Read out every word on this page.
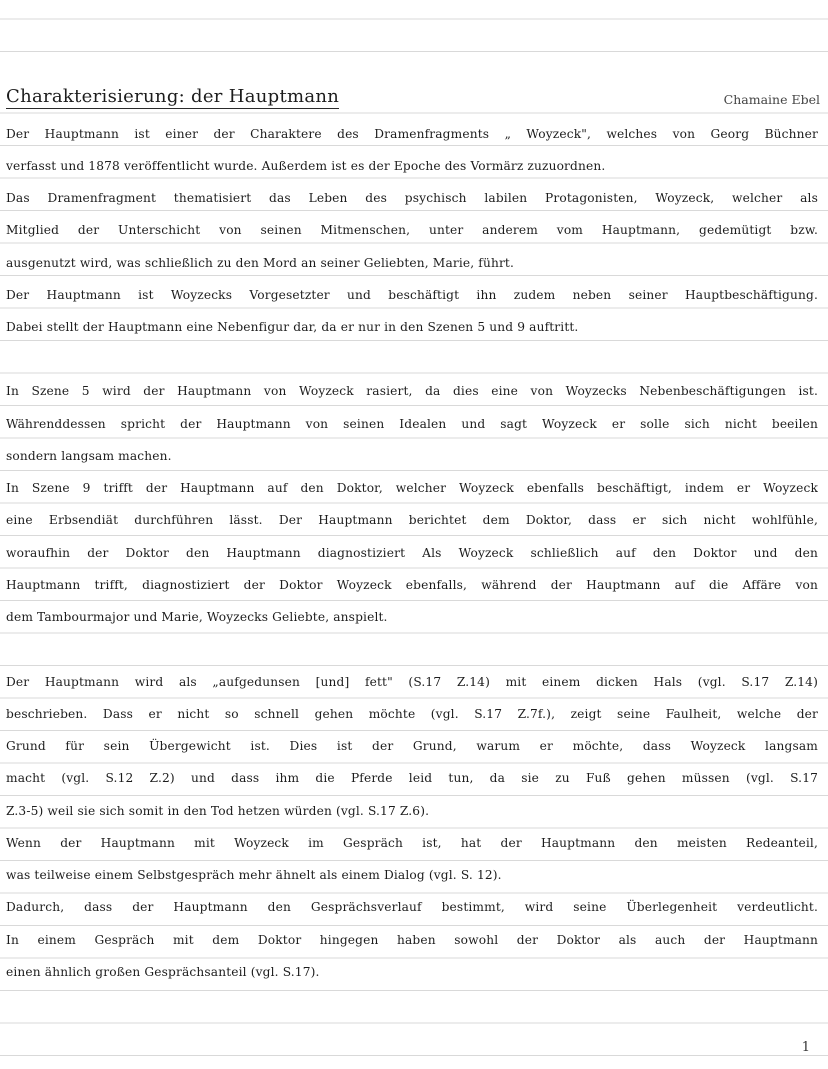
Charakterisierung: der Hauptmann	Chamaine Ebel
Der Hauptmann ist einer der Charaktere des Dramenfragments „ Woyzeck", welches von Georg Büchner
verfasst und 1878 veröffentlicht wurde. Außerdem ist es der Epoche des Vormärz zuzuordnen.
Das Dramenfragment thematisiert das Leben des psychisch labilen Protagonisten, Woyzeck, welcher als
Mitglied der Unterschicht von seinen Mitmenschen, unter anderem vom Hauptmann, gedemütigt bzw.
ausgenutzt wird, was schließlich zu den Mord an seiner Geliebten, Marie, führt.
Der Hauptmann ist Woyzecks Vorgesetzter und beschäftigt ihn zudem neben seiner Hauptbeschäftigung.
Dabei stellt der Hauptmann eine Nebenfigur dar, da er nur in den Szenen 5 und 9 auftritt.
In Szene 5 wird der Hauptmann von Woyzeck rasiert, da dies eine von Woyzecks Nebenbeschäftigungen ist.
Währenddessen spricht der Hauptmann von seinen Idealen und sagt Woyzeck er solle sich nicht beeilen
sondern langsam machen.
In Szene 9 trifft der Hauptmann auf den Doktor, welcher Woyzeck ebenfalls beschäftigt, indem er Woyzeck
eine Erbsendiät durchführen lässt. Der Hauptmann berichtet dem Doktor, dass er sich nicht wohlfühle,
woraufhin der Doktor den Hauptmann diagnostiziert Als Woyzeck schließlich auf den Doktor und den
Hauptmann trifft, diagnostiziert der Doktor Woyzeck ebenfalls, während der Hauptmann auf die Affäre von
dem Tambourmajor und Marie, Woyzecks Geliebte, anspielt.
Der Hauptmann wird als „aufgedunsen [und] fett" (S.17 Z.14) mit einem dicken Hals (vgl. S.17 Z.14)
beschrieben. Dass er nicht so schnell gehen möchte (vgl. S.17 Z.7f.), zeigt seine Faulheit, welche der
Grund für sein Übergewicht ist. Dies ist der Grund, warum er möchte, dass Woyzeck langsam
macht (vgl. S.12 Z.2) und dass ihm die Pferde leid tun, da sie zu Fuß gehen müssen (vgl. S.17
Z.3-5) weil sie sich somit in den Tod hetzen würden (vgl. S.17 Z.6).
Wenn der Hauptmann mit Woyzeck im Gespräch ist, hat der Hauptmann den meisten Redeanteil,
was teilweise einem Selbstgespräch mehr ähnelt als einem Dialog (vgl. S. 12).
Dadurch, dass der Hauptmann den Gesprächsverlauf bestimmt, wird seine Überlegenheit verdeutlicht.
In einem Gespräch mit dem Doktor hingegen haben sowohl der Doktor als auch der Hauptmann
einen ähnlich großen Gesprächsanteil (vgl. S.17).
1
